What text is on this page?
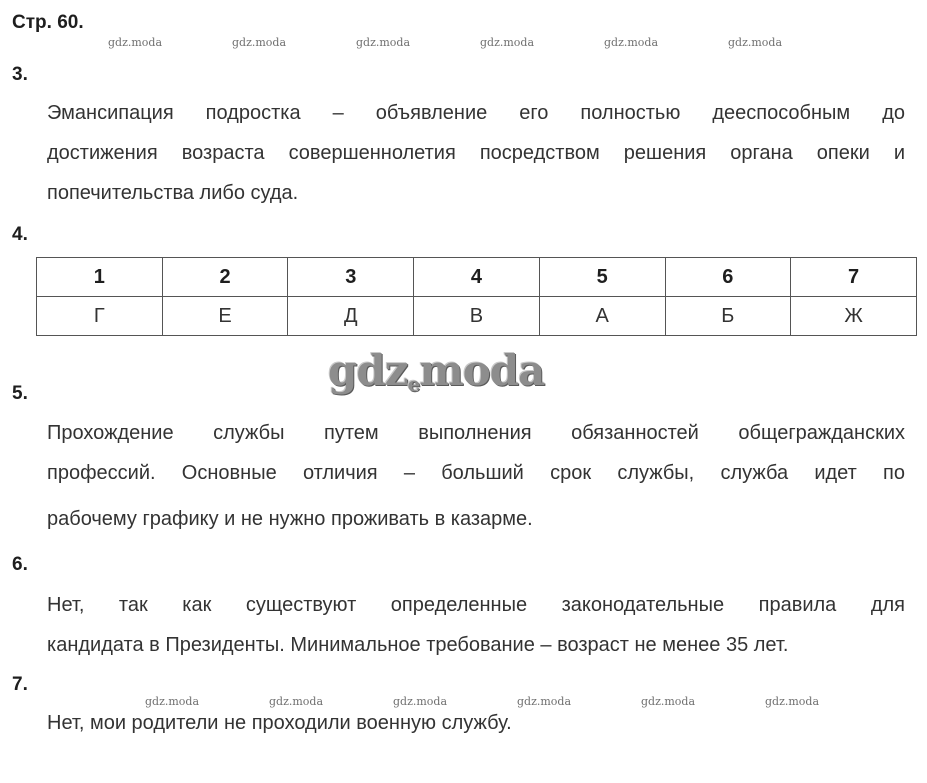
Стр. 60.
gdz.moda	gdz.moda	gdz.moda	gdz.moda	gdz.moda	gdz.moda
3.
Эмансипация подростка – объявление его полностью дееспособным до
достижения возраста совершеннолетия посредством решения органа опеки и
попечительства либо суда.
4.
1	2	3	4	5	6	7
Г	Е	Д	В	А	Б	Ж
gdzemoda
5.
Прохождение службы путем выполнения обязанностей общегражданских
профессий. Основные отличия – больший срок службы, служба идет по
рабочему графику и не нужно проживать в казарме.
6.
Нет, так как существуют определенные законодательные правила для
кандидата в Президенты. Минимальное требование – возраст не менее 35 лет.
7.
gdz.moda	gdz.moda	gdz.moda	gdz.moda	gdz.moda	gdz.moda
Нет, мои родители не проходили военную службу.
